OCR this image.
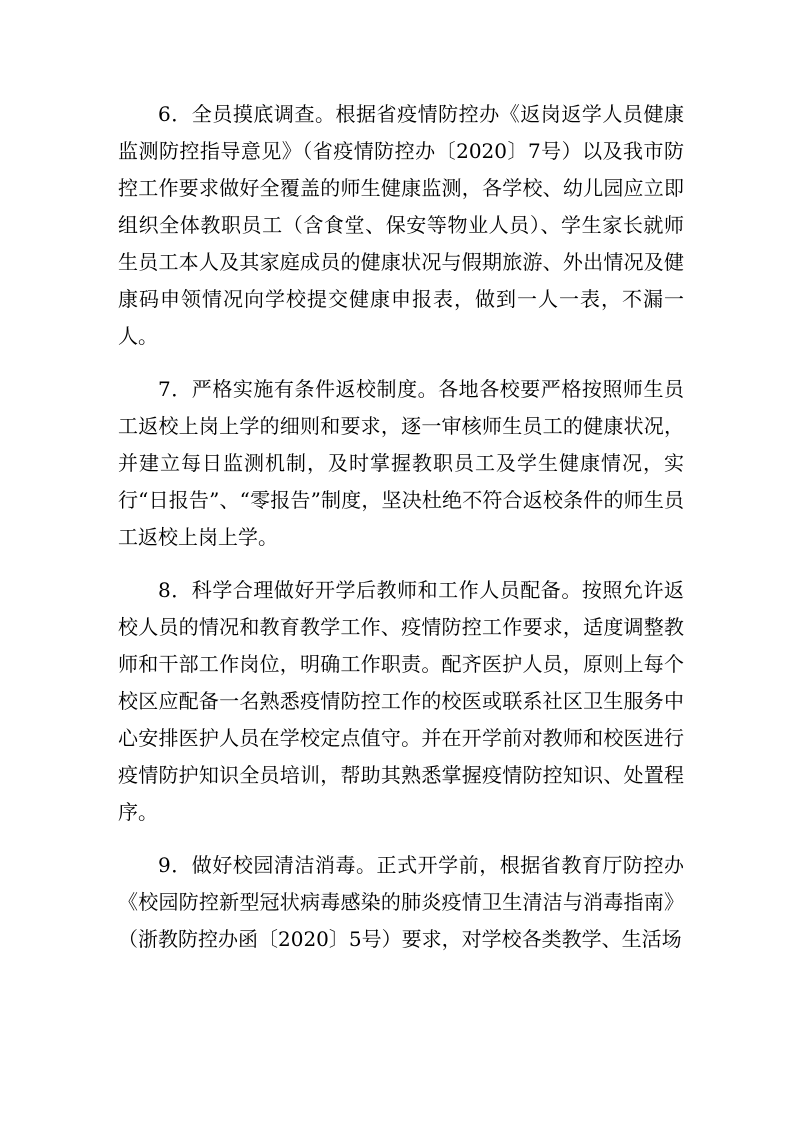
6．全员摸底调查。根据省疫情防控办《返岗返学人员健康监测防控指导意见》（省疫情防控办〔2020〕7号）以及我市防控工作要求做好全覆盖的师生健康监测，各学校、幼儿园应立即组织全体教职员工（含食堂、保安等物业人员）、学生家长就师生员工本人及其家庭成员的健康状况与假期旅游、外出情况及健康码申领情况向学校提交健康申报表，做到一人一表，不漏一人。

7．严格实施有条件返校制度。各地各校要严格按照师生员工返校上岗上学的细则和要求，逐一审核师生员工的健康状况，并建立每日监测机制，及时掌握教职员工及学生健康情况，实行“日报告”、“零报告”制度，坚决杜绝不符合返校条件的师生员工返校上岗上学。

8．科学合理做好开学后教师和工作人员配备。按照允许返校人员的情况和教育教学工作、疫情防控工作要求，适度调整教师和干部工作岗位，明确工作职责。配齐医护人员，原则上每个校区应配备一名熟悉疫情防控工作的校医或联系社区卫生服务中心安排医护人员在学校定点值守。并在开学前对教师和校医进行疫情防护知识全员培训，帮助其熟悉掌握疫情防控知识、处置程序。

9．做好校园清洁消毒。正式开学前，根据省教育厅防控办《校园防控新型冠状病毒感染的肺炎疫情卫生清洁与消毒指南》（浙教防控办函〔2020〕5号）要求，对学校各类教学、生活场
